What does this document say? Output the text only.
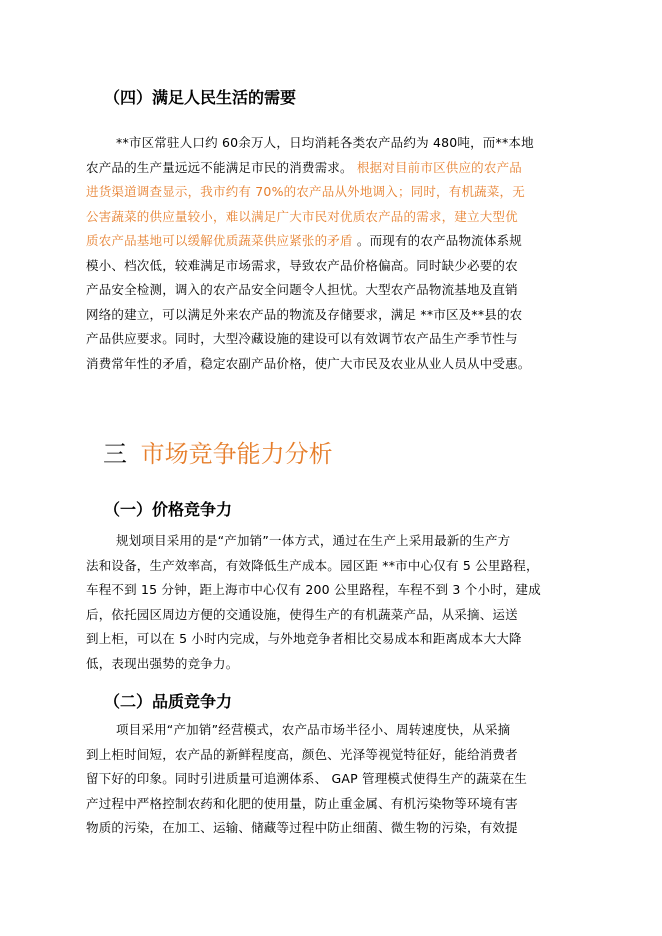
（四）满足人民生活的需要
**市区常驻人口约 60余万人，日均消耗各类农产品约为 480吨，而**本地
农产品的生产量远远不能满足市民的消费需求。 根据对目前市区供应的农产品
进货渠道调查显示，我市约有 70%的农产品从外地调入；同时，有机蔬菜，无
公害蔬菜的供应量较小，难以满足广大市民对优质农产品的需求，建立大型优
质农产品基地可以缓解优质蔬菜供应紧张的矛盾 。而现有的农产品物流体系规
模小、档次低，较难满足市场需求，导致农产品价格偏高。同时缺少必要的农
产品安全检测，调入的农产品安全问题令人担忧。大型农产品物流基地及直销
网络的建立，可以满足外来农产品的物流及存储要求，满足 **市区及**县的农
产品供应要求。同时，大型冷藏设施的建设可以有效调节农产品生产季节性与
消费常年性的矛盾，稳定农副产品价格，使广大市民及农业从业人员从中受惠。
三 市场竞争能力分析
（一）价格竞争力
规划项目采用的是“产加销”一体方式，通过在生产上采用最新的生产方
法和设备，生产效率高，有效降低生产成本。园区距 **市中心仅有 5 公里路程，
车程不到 15 分钟，距上海市中心仅有 200 公里路程，车程不到 3 个小时，建成
后，依托园区周边方便的交通设施，使得生产的有机蔬菜产品，从采摘、运送
到上柜，可以在 5 小时内完成，与外地竞争者相比交易成本和距离成本大大降
低，表现出强势的竞争力。
（二）品质竞争力
项目采用“产加销”经营模式，农产品市场半径小、周转速度快，从采摘
到上柜时间短，农产品的新鲜程度高，颜色、光泽等视觉特征好，能给消费者
留下好的印象。同时引进质量可追溯体系、 GAP 管理模式使得生产的蔬菜在生
产过程中严格控制农药和化肥的使用量，防止重金属、有机污染物等环境有害
物质的污染，在加工、运输、储藏等过程中防止细菌、微生物的污染，有效提
